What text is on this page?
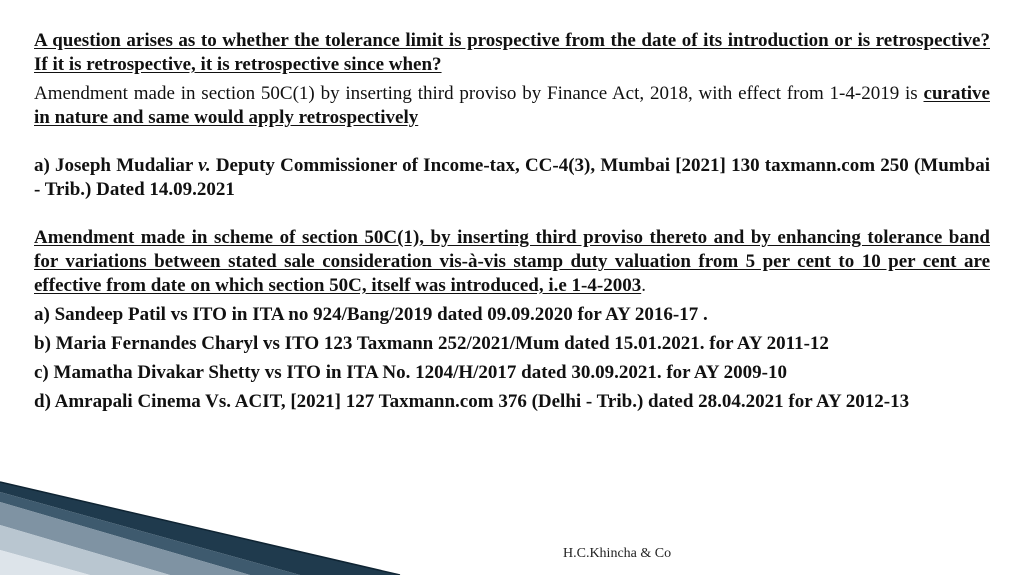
A question arises as to whether the tolerance limit is prospective from the date of its introduction or is retrospective? If it is retrospective, it is retrospective since when?

Amendment made in section 50C(1) by inserting third proviso by Finance Act, 2018, with effect from 1-4-2019 is curative in nature and same would apply retrospectively

a) Joseph Mudaliar v. Deputy Commissioner of Income-tax, CC-4(3), Mumbai [2021] 130 taxmann.com 250 (Mumbai - Trib.) Dated 14.09.2021

Amendment made in scheme of section 50C(1), by inserting third proviso thereto and by enhancing tolerance band for variations between stated sale consideration vis-à-vis stamp duty valuation from 5 per cent to 10 per cent are effective from date on which section 50C, itself was introduced, i.e 1-4-2003.

a) Sandeep Patil vs ITO in ITA no 924/Bang/2019 dated 09.09.2020 for AY 2016-17 .

b) Maria Fernandes Charyl vs ITO 123 Taxmann 252/2021/Mum dated 15.01.2021. for AY 2011-12

c) Mamatha Divakar Shetty vs ITO in ITA No. 1204/H/2017 dated 30.09.2021. for AY 2009-10

d) Amrapali Cinema Vs. ACIT, [2021] 127 Taxmann.com 376 (Delhi - Trib.) dated 28.04.2021 for AY 2012-13

H.C.Khincha & Co
